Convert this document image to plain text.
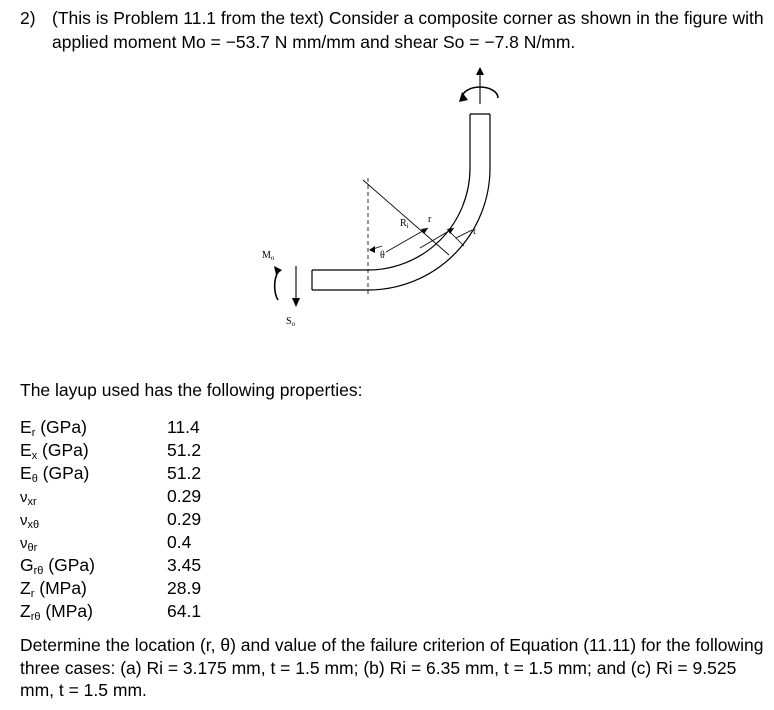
2) (This is Problem 11.1 from the text) Consider a composite corner as shown in the figure with applied moment Mo = −53.7 N mm/mm and shear So = −7.8 N/mm.
$R_i$
r
t
θ
$M_o$
$S_o$
The layup used has the following properties:
Er (GPa)	11.4
Ex (GPa)	51.2
Eθ (GPa)	51.2
νxr	0.29
νxθ	0.29
νθr	0.4
Grθ (GPa)	3.45
Zr (MPa)	28.9
Zrθ (MPa)	64.1
Determine the location (r, θ) and value of the failure criterion of Equation (11.11) for the following three cases: (a) Ri = 3.175 mm, t = 1.5 mm; (b) Ri = 6.35 mm, t = 1.5 mm; and (c) Ri = 9.525 mm, t = 1.5 mm.
